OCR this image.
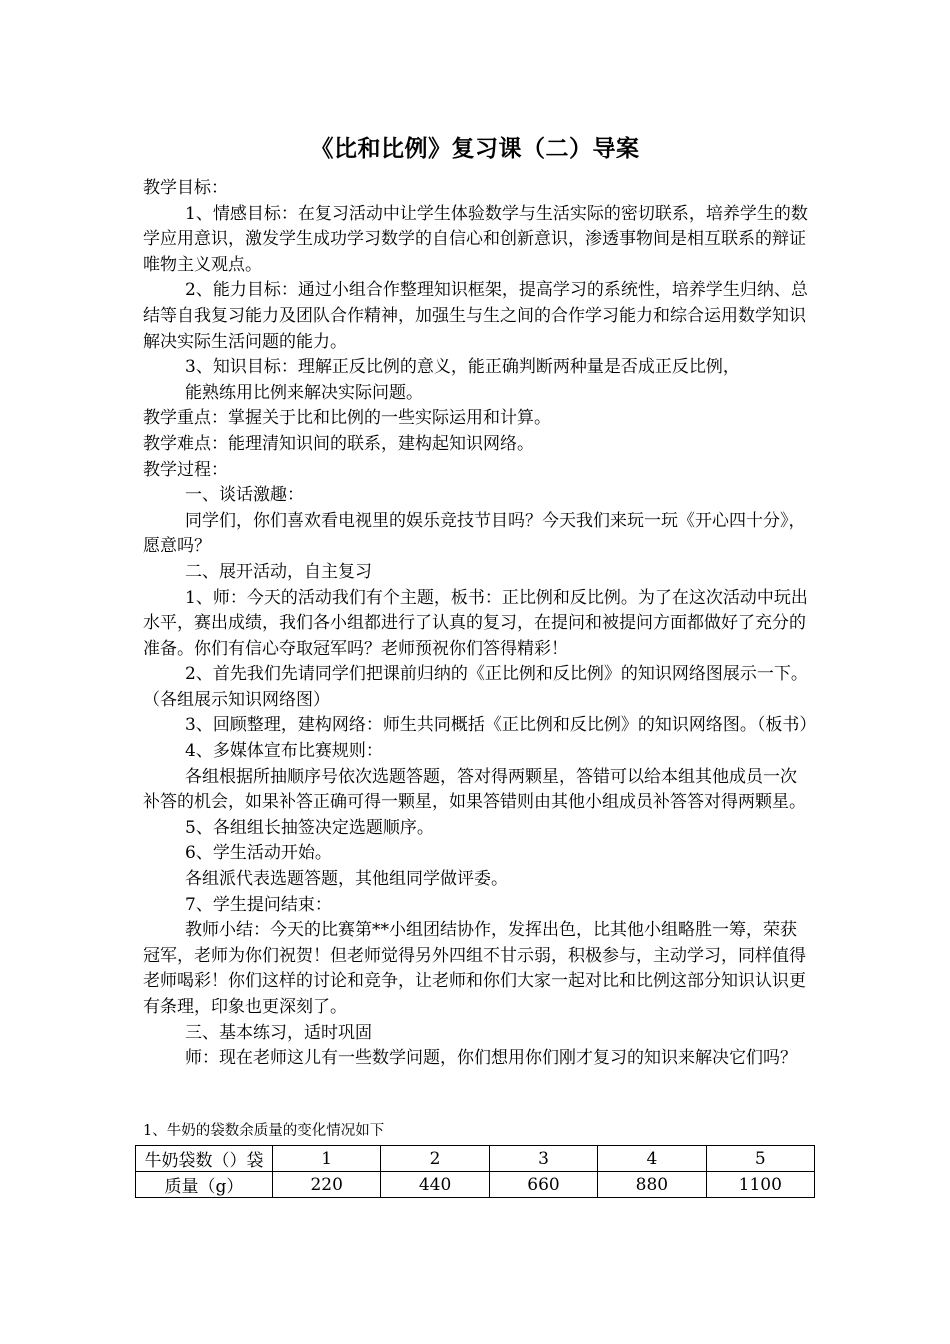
《比和比例》复习课（二）导案

教学目标：

1、情感目标：在复习活动中让学生体验数学与生活实际的密切联系，培养学生的数学应用意识，激发学生成功学习数学的自信心和创新意识，渗透事物间是相互联系的辩证唯物主义观点。

2、能力目标：通过小组合作整理知识框架，提高学习的系统性，培养学生归纳、总结等自我复习能力及团队合作精神，加强生与生之间的合作学习能力和综合运用数学知识解决实际生活问题的能力。

3、知识目标：理解正反比例的意义，能正确判断两种量是否成正反比例，

能熟练用比例来解决实际问题。

教学重点：掌握关于比和比例的一些实际运用和计算。

教学难点：能理清知识间的联系，建构起知识网络。

教学过程：

一、谈话激趣：

同学们，你们喜欢看电视里的娱乐竞技节目吗？今天我们来玩一玩《开心四十分》，愿意吗？

二、展开活动，自主复习

1、师：今天的活动我们有个主题，板书：正比例和反比例。为了在这次活动中玩出水平，赛出成绩，我们各小组都进行了认真的复习，在提问和被提问方面都做好了充分的准备。你们有信心夺取冠军吗？老师预祝你们答得精彩！

2、首先我们先请同学们把课前归纳的《正比例和反比例》的知识网络图展示一下。（各组展示知识网络图）

3、回顾整理，建构网络：师生共同概括《正比例和反比例》的知识网络图。（板书）

4、多媒体宣布比赛规则：

各组根据所抽顺序号依次选题答题，答对得两颗星，答错可以给本组其他成员一次补答的机会，如果补答正确可得一颗星，如果答错则由其他小组成员补答答对得两颗星。

5、各组组长抽签决定选题顺序。

6、学生活动开始。

各组派代表选题答题，其他组同学做评委。

7、学生提问结束：

教师小结：今天的比赛第**小组团结协作，发挥出色，比其他小组略胜一筹，荣获冠军，老师为你们祝贺！但老师觉得另外四组不甘示弱，积极参与，主动学习，同样值得老师喝彩！你们这样的讨论和竞争，让老师和你们大家一起对比和比例这部分知识认识更有条理，印象也更深刻了。

三、基本练习，适时巩固

师：现在老师这儿有一些数学问题，你们想用你们刚才复习的知识来解决它们吗？

1、牛奶的袋数余质量的变化情况如下
牛奶袋数（）袋	1	2	3	4	5
质量（g）	220	440	660	880	1100
